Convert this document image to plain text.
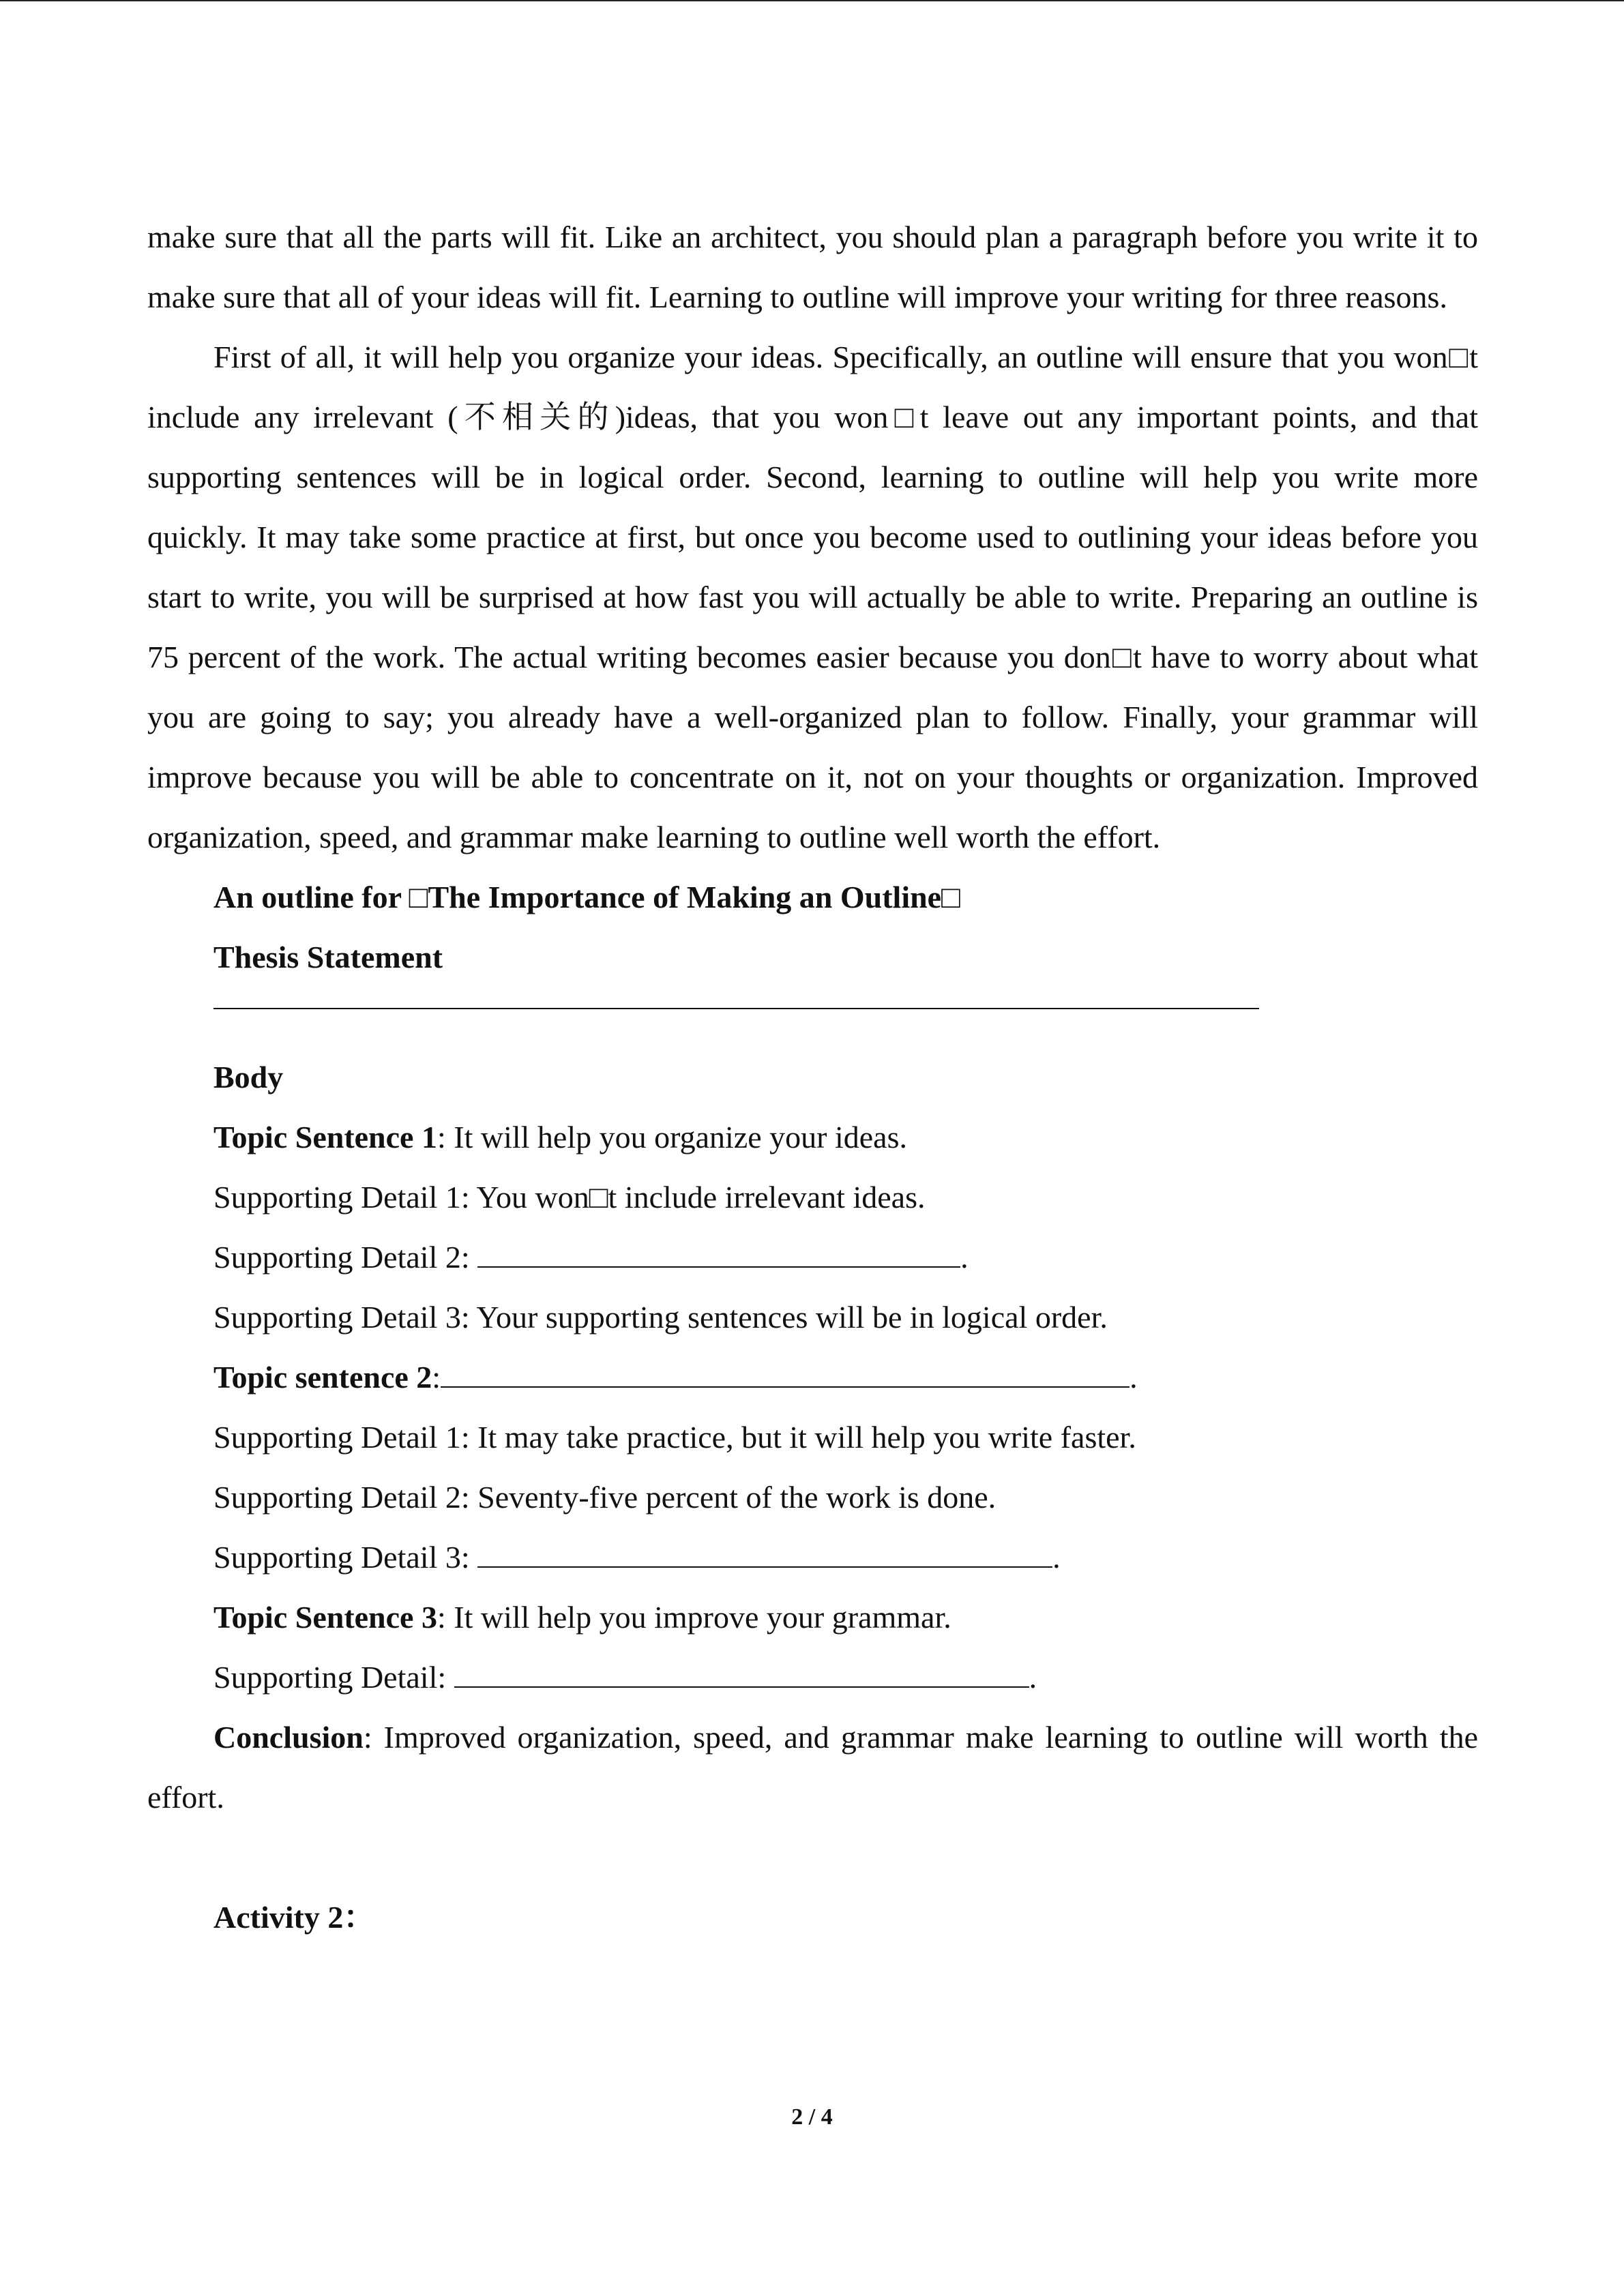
make sure that all the parts will fit. Like an architect, you should plan a paragraph before you write it to make sure that all of your ideas will fit. Learning to outline will improve your writing for three reasons.

First of all, it will help you organize your ideas. Specifically, an outline will ensure that you won□t include any irrelevant (不相关的)ideas, that you won□t leave out any important points, and that supporting sentences will be in logical order. Second, learning to outline will help you write more quickly. It may take some practice at first, but once you become used to outlining your ideas before you start to write, you will be surprised at how fast you will actually be able to write. Preparing an outline is 75 percent of the work. The actual writing becomes easier because you don□t have to worry about what you are going to say; you already have a well-organized plan to follow. Finally, your grammar will improve because you will be able to concentrate on it, not on your thoughts or organization. Improved organization, speed, and grammar make learning to outline well worth the effort.

An outline for □The Importance of Making an Outline□

Thesis Statement

Body

Topic Sentence 1: It will help you organize your ideas.

Supporting Detail 1: You won□t include irrelevant ideas.

Supporting Detail 2:	.

Supporting Detail 3: Your supporting sentences will be in logical order.

Topic sentence 2:	.

Supporting Detail 1: It may take practice, but it will help you write faster.

Supporting Detail 2: Seventy-five percent of the work is done.

Supporting Detail 3:	.

Topic Sentence 3: It will help you improve your grammar.

Supporting Detail:	.

Conclusion: Improved organization, speed, and grammar make learning to outline will worth the effort.

Activity 2：

2 / 4
